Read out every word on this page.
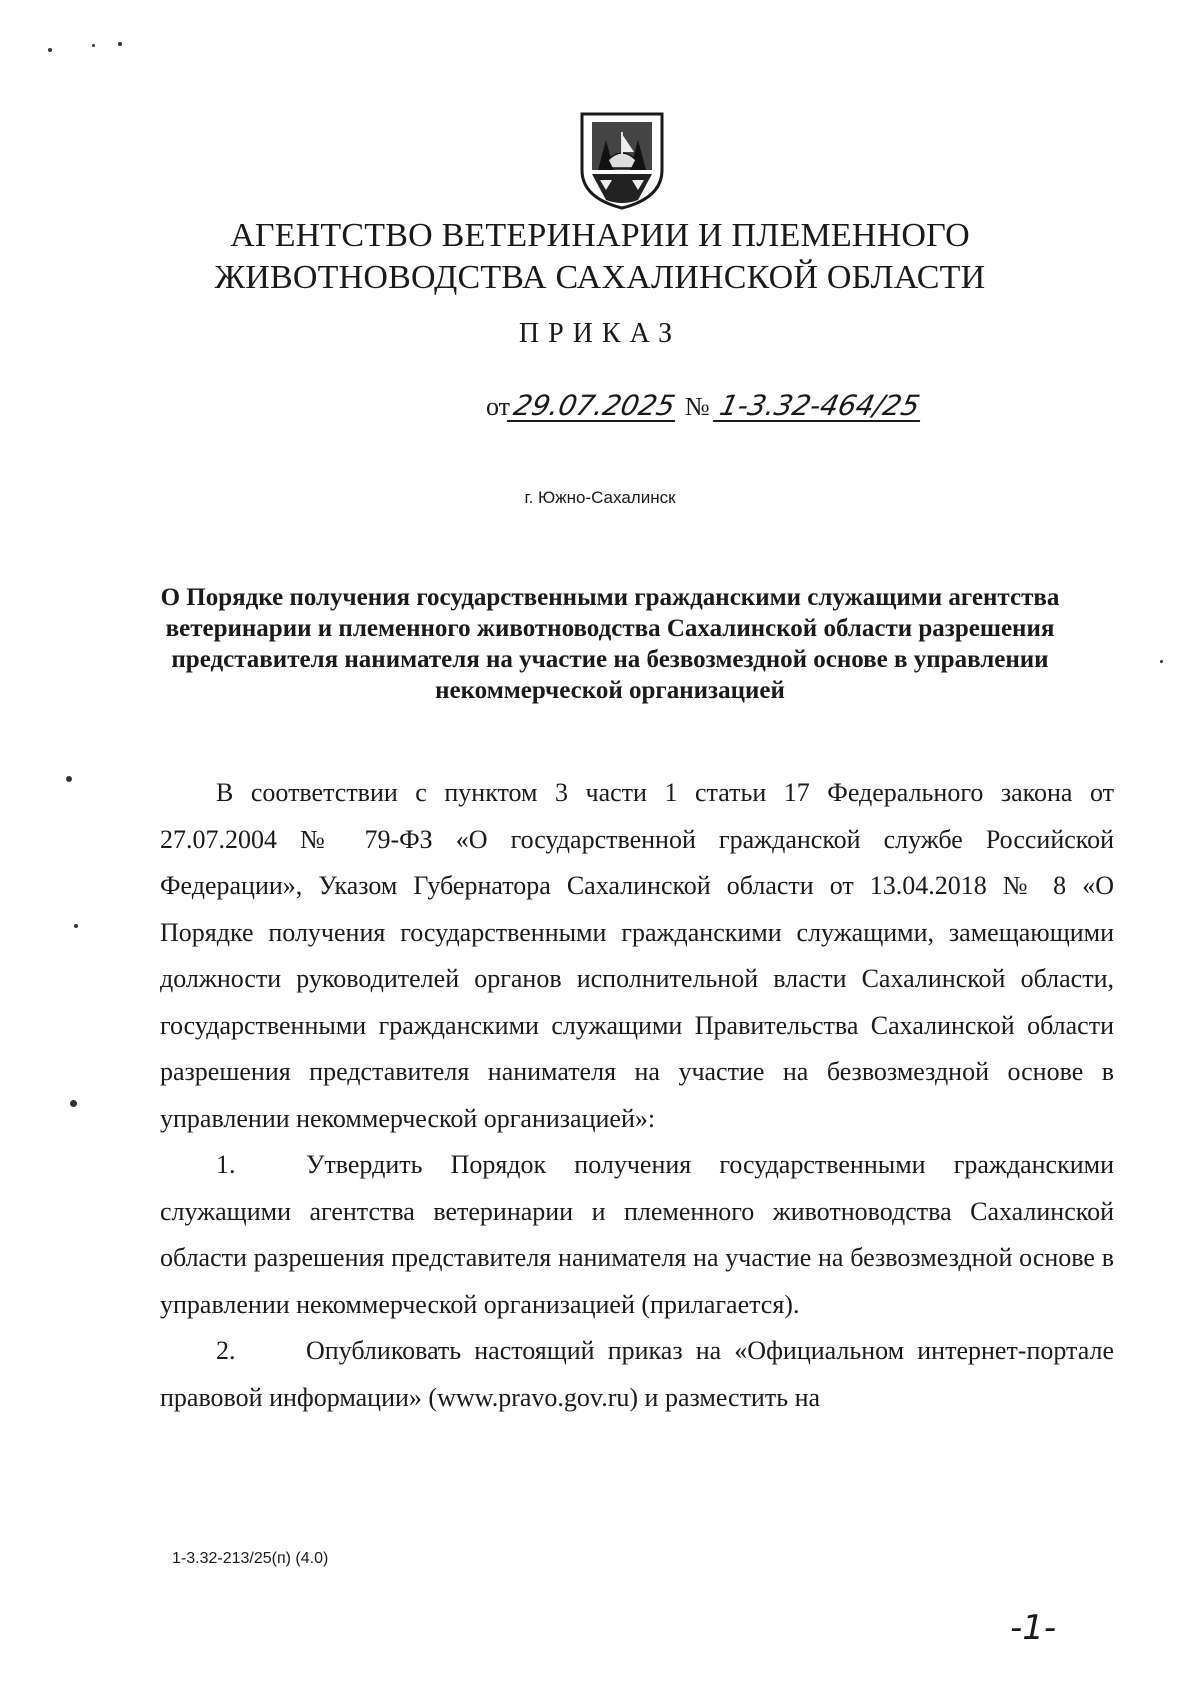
АГЕНТСТВО ВЕТЕРИНАРИИ И ПЛЕМЕННОГО
ЖИВОТНОВОДСТВА САХАЛИНСКОЙ ОБЛАСТИ
ПРИКАЗ
от29.07.2025 № 1-3.32-464/25
г. Южно-Сахалинск
О Порядке получения государственными гражданскими служащими агентства ветеринарии и племенного животноводства Сахалинской области разрешения представителя нанимателя на участие на безвозмездной основе в управлении некоммерческой организацией

В соответствии с пунктом 3 части 1 статьи 17 Федерального закона от 27.07.2004 № 79-ФЗ «О государственной гражданской службе Российской Федерации», Указом Губернатора Сахалинской области от 13.04.2018 № 8 «О Порядке получения государственными гражданскими служащими, замещающими должности руководителей органов исполнительной власти Сахалинской области, государственными гражданскими служащими Правительства Сахалинской области разрешения представителя нанимателя на участие на безвозмездной основе в управлении некоммерческой организацией»:

1.	Утвердить Порядок получения государственными гражданскими служащими агентства ветеринарии и племенного животноводства Сахалинской области разрешения представителя нанимателя на участие на безвозмездной основе в управлении некоммерческой организацией (прилагается).

2.	Опубликовать настоящий приказ на «Официальном интернет-портале правовой информации» (www.pravo.gov.ru) и разместить на

1-3.32-213/25(п) (4.0)
-1-
